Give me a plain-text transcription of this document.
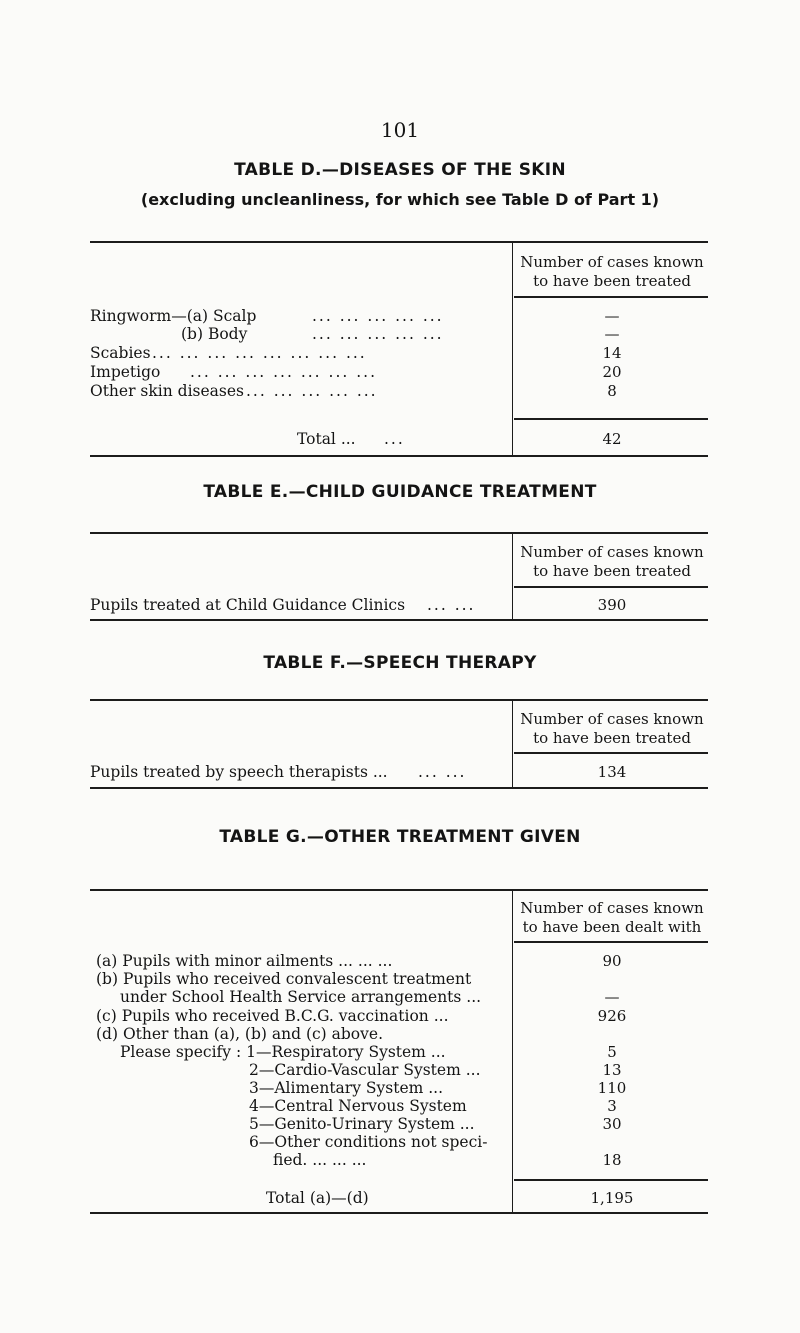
101
TABLE D.—DISEASES OF THE SKIN
(excluding uncleanliness, for which see Table D of Part 1)
Number of cases known
to have been treated
Ringworm—(a) Scalp	... ... ... ... ...	—
(b) Body	... ... ... ... ...	—
Scabies ... ... ... ... ... ... ... ...	14
Impetigo ... ... ... ... ... ... ...	20
Other skin diseases ... ... ... ... ...	8
Total ... ...	42
TABLE E.—CHILD GUIDANCE TREATMENT
Number of cases known
to have been treated
Pupils treated at Child Guidance Clinics ... ...	390
TABLE F.—SPEECH THERAPY
Number of cases known
to have been treated
Pupils treated by speech therapists ... ... ...	134
TABLE G.—OTHER TREATMENT GIVEN
Number of cases known
to have been dealt with
(a) Pupils with minor ailments ... ... ...	90
(b) Pupils who received convalescent treatment
under School Health Service arrangements ...	—
(c) Pupils who received B.C.G. vaccination ...	926
(d) Other than (a), (b) and (c) above.
Please specify : 1—Respiratory System ...	5
2—Cardio-Vascular System ...	13
3—Alimentary System ...	110
4—Central Nervous System	3
5—Genito-Urinary System ...	30
6—Other conditions not speci-
fied. ... ... ...	18
Total (a)—(d)	1,195
